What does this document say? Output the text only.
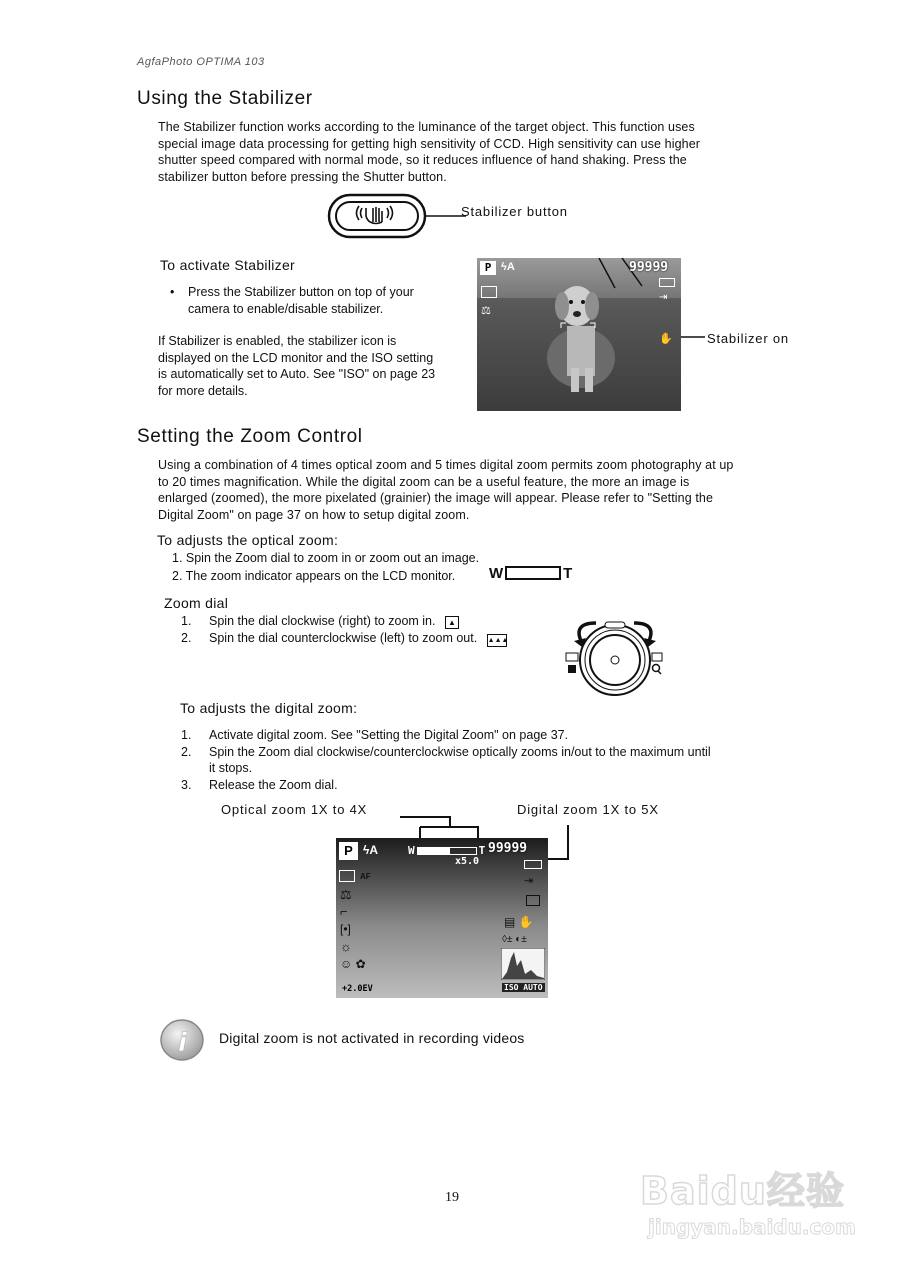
AgfaPhoto OPTIMA 103
Using the Stabilizer
The Stabilizer function works according to the luminance of the target object. This function uses
special image data processing for getting high sensitivity of CCD. High sensitivity can use higher
shutter speed compared with normal mode, so it reduces influence of hand shaking. Press the
stabilizer button before pressing the Shutter button.
Stabilizer button
To activate Stabilizer
• Press the Stabilizer button on top of your
camera to enable/disable stabilizer.
If Stabilizer is enabled, the stabilizer icon is
displayed on the LCD monitor and the ISO setting
is automatically set to Auto. See "ISO" on page 23
for more details.
P ϟA	99999
⚖
⇥
✋	Stabilizer on
Setting the Zoom Control
Using a combination of 4 times optical zoom and 5 times digital zoom permits zoom photography at up
to 20 times magnification. While the digital zoom can be a useful feature, the more an image is
enlarged (zoomed), the more pixelated (grainier) the image will appear. Please refer to "Setting the
Digital Zoom" on page 37 on how to setup digital zoom.
To adjusts the optical zoom:
1. Spin the Zoom dial to zoom in or zoom out an image.
2. The zoom indicator appears on the LCD monitor. W	T
Zoom dial
1. Spin the dial clockwise (right) to zoom in. ▲
2. Spin the dial counterclockwise (left) to zoom out. ▲▲▲
To adjusts the digital zoom:
1. Activate digital zoom. See "Setting the Digital Zoom" on page 37.
2. Spin the Zoom dial clockwise/counterclockwise optically zooms in/out to the maximum until
it stops.
3. Release the Zoom dial.
Optical zoom 1X to 4X	Digital zoom 1X to 5X
P ϟA	W	T 99999
x5.0
AF
⚖
⌐
[•]
☼
☺ ✿
⇥
▤ ✋
◊± ◐±
+2.0EV	ISO AUTO
i Digital zoom is not activated in recording videos
19	Baidu经验
jingyan.baidu.com
